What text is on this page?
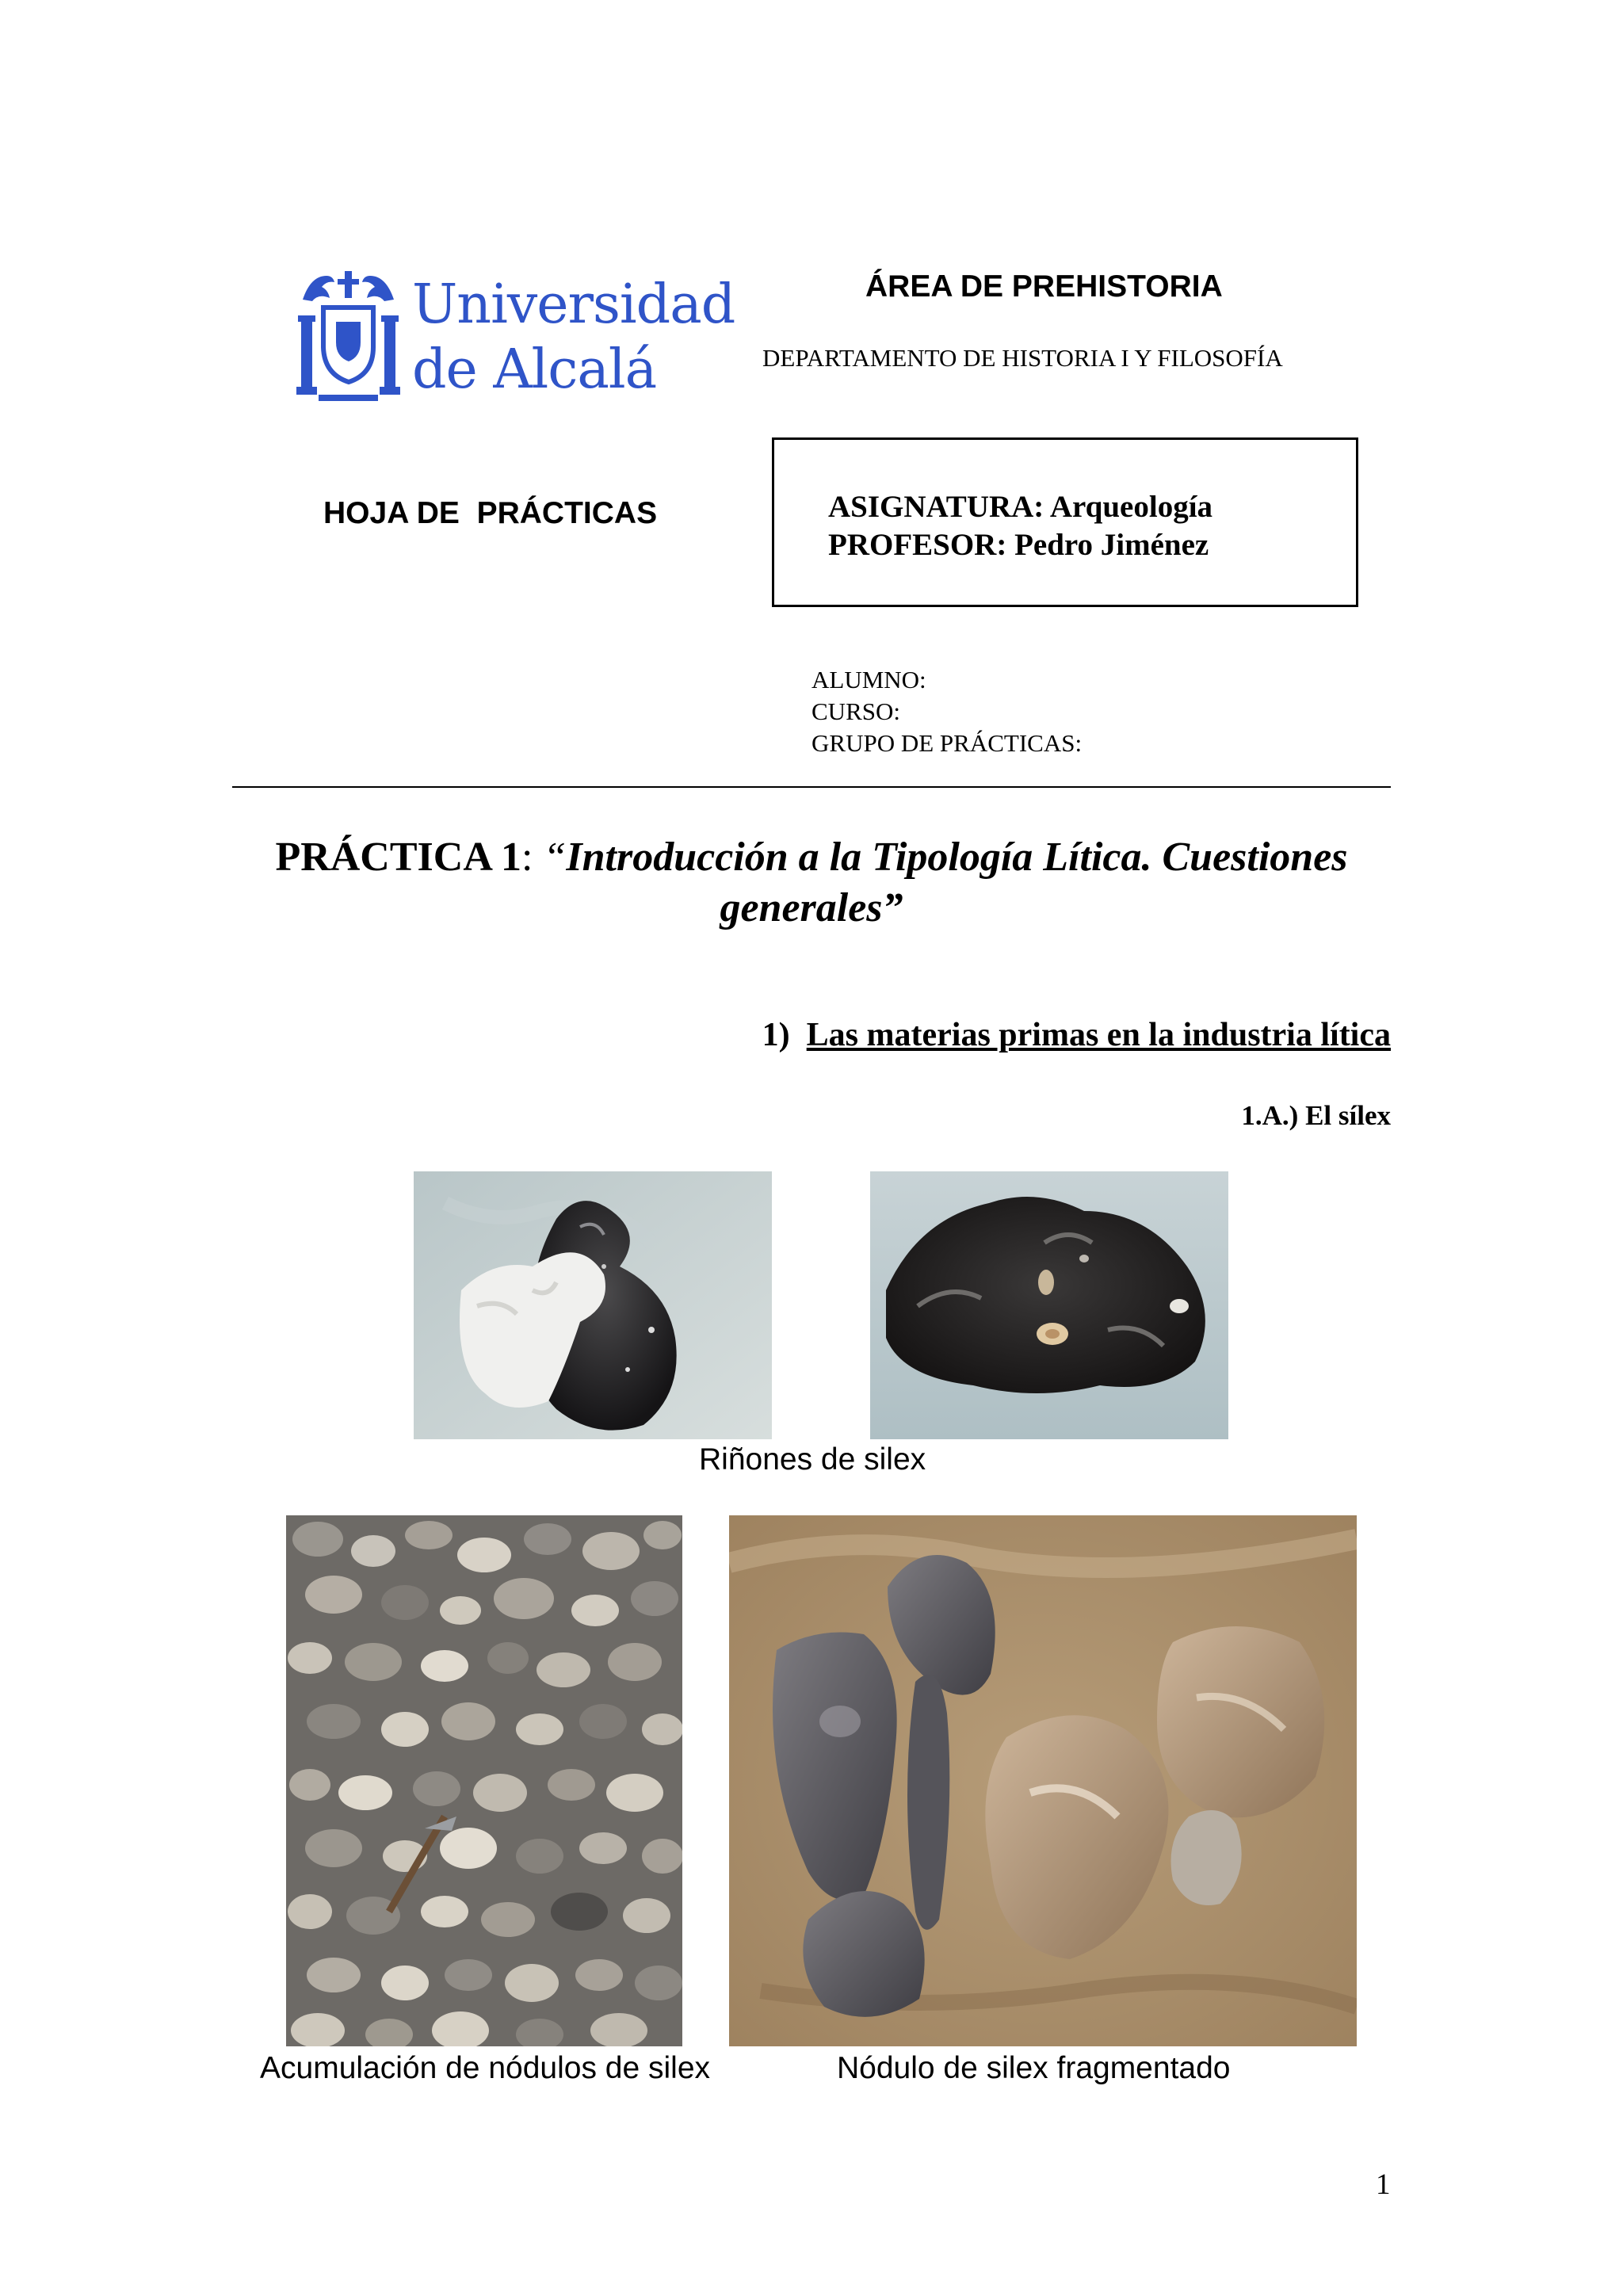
Universidad
de Alcalá
ÁREA DE PREHISTORIA
DEPARTAMENTO DE HISTORIA I Y FILOSOFÍA
HOJA DE  PRÁCTICAS	ASIGNATURA: Arqueología
PROFESOR: Pedro Jiménez
ALUMNO:
CURSO:
GRUPO DE PRÁCTICAS:
PRÁCTICA 1: “Introducción a la Tipología Lítica. Cuestiones
generales”
1) Las materias primas en la industria lítica
1.A.) El sílex
Riñones de silex
Acumulación de nódulos de silex	Nódulo de silex fragmentado
1
